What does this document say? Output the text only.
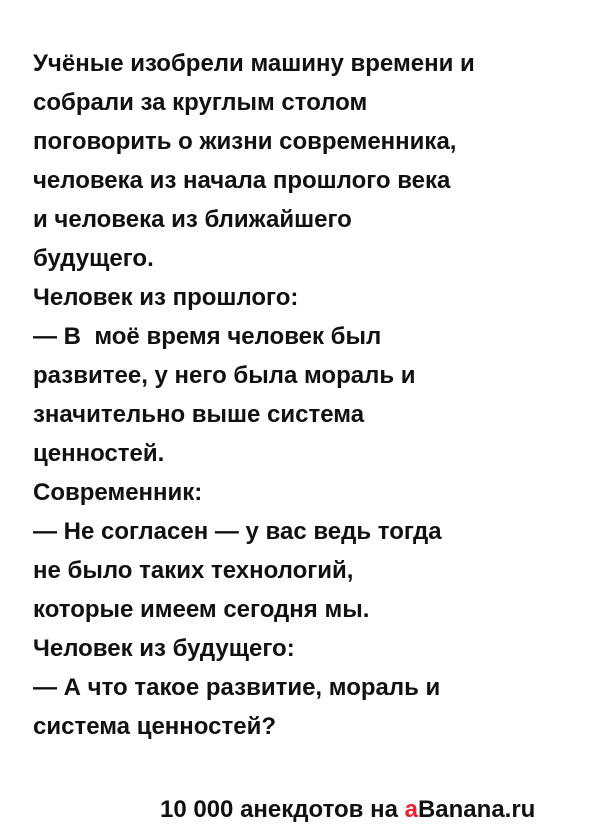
Учёные изобрели машину времени и
собрали за круглым столом
поговорить о жизни современника,
человека из начала прошлого века
и человека из ближайшего
будущего.
Человек из прошлого:
— В  моё время человек был
развитее, у него была мораль и
значительно выше система
ценностей.
Современник:
— Не согласен — у вас ведь тогда
не было таких технологий,
которые имеем сегодня мы.
Человек из будущего:
— А что такое развитие, мораль и
система ценностей?
10 000 анекдотов на aBanana.ru
